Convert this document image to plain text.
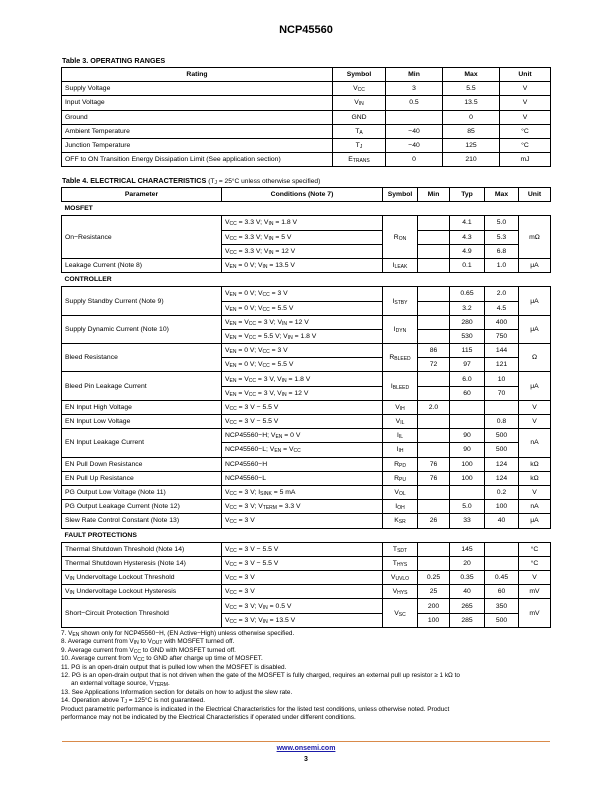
NCP45560
Table 3. OPERATING RANGES
Rating	Symbol	Min	Max	Unit
Supply Voltage	$V_{CC}$	3	5.5	V
Input Voltage	$V_{IN}$	0.5	13.5	V
Ground	GND		0	V
Ambient Temperature	$T_A$	−40	85	°C
Junction Temperature	$T_J$	−40	125	°C
OFF to ON Transition Energy Dissipation Limit (See application section)	$E_{TRANS}$	0	210	mJ
Table 4. ELECTRICAL CHARACTERISTICS ($T_J = 25^\circ C$ unless otherwise specified)
Parameter	Conditions (Note 7)	Symbol	Min	Typ	Max	Unit
MOSFET						
On−Resistance	$V_{CC} = 3.3$ V; $V_{IN} = 1.8$ V	$R_{ON}$		4.1	5.0	mΩ
	$V_{CC} = 3.3$ V; $V_{IN} = 5$ V			4.3	5.3	
	$V_{CC} = 3.3$ V; $V_{IN} = 12$ V			4.9	6.8	
Leakage Current (Note 8)	$V_{EN} = 0$ V; $V_{IN} = 13.5$ V	$I_{LEAK}$		0.1	1.0	μA
CONTROLLER						
Supply Standby Current (Note 9)	$V_{EN} = 0$ V; $V_{CC} = 3$ V	$I_{STBY}$		0.65	2.0	μA
	$V_{EN} = 0$ V; $V_{CC} = 5.5$ V			3.2	4.5	
Supply Dynamic Current (Note 10)	$V_{EN} = V_{CC} = 3$ V; $V_{IN} = 12$ V	$I_{DYN}$		280	400	μA
	$V_{EN} = V_{CC} = 5.5$ V; $V_{IN} = 1.8$ V			530	750	
Bleed Resistance	$V_{EN} = 0$ V; $V_{CC} = 3$ V	$R_{BLEED}$	86	115	144	Ω
	$V_{EN} = 0$ V; $V_{CC} = 5.5$ V		72	97	121	
Bleed Pin Leakage Current	$V_{EN} = V_{CC} = 3$ V, $V_{IN} = 1.8$ V	$I_{BLEED}$		6.0	10	μA
	$V_{EN} = V_{CC} = 3$ V, $V_{IN} = 12$ V			60	70	
EN Input High Voltage	$V_{CC} = 3$ V − 5.5 V	$V_{IH}$	2.0			V
EN Input Low Voltage	$V_{CC} = 3$ V − 5.5 V	$V_{IL}$			0.8	V
EN Input Leakage Current	NCP45560−H; $V_{EN} = 0$ V	$I_{IL}$		90	500	nA
	NCP45560−L; $V_{EN} = V_{CC}$	$I_{IH}$		90	500	
EN Pull Down Resistance	NCP45560−H	$R_{PD}$	76	100	124	kΩ
EN Pull Up Resistance	NCP45560−L	$R_{PU}$	76	100	124	kΩ
PG Output Low Voltage (Note 11)	$V_{CC} = 3$ V; $I_{SINK} = 5$ mA	$V_{OL}$			0.2	V
PG Output Leakage Current (Note 12)	$V_{CC} = 3$ V; $V_{TERM} = 3.3$ V	$I_{OH}$		5.0	100	nA
Slew Rate Control Constant (Note 13)	$V_{CC} = 3$ V	$K_{SR}$	26	33	40	μA
FAULT PROTECTIONS						
Thermal Shutdown Threshold (Note 14)	$V_{CC} = 3$ V − 5.5 V	$T_{SDT}$		145		°C
Thermal Shutdown Hysteresis (Note 14)	$V_{CC} = 3$ V − 5.5 V	$T_{HYS}$		20		°C
$V_{IN}$ Undervoltage Lockout Threshold	$V_{CC} = 3$ V	$V_{UVLO}$	0.25	0.35	0.45	V
$V_{IN}$ Undervoltage Lockout Hysteresis	$V_{CC} = 3$ V	$V_{HYS}$	25	40	60	mV
Short−Circuit Protection Threshold	$V_{CC} = 3$ V; $V_{IN} = 0.5$ V	$V_{SC}$	200	265	350	mV
	$V_{CC} = 3$ V; $V_{IN} = 13.5$ V		100	285	500	
7. $V_{EN}$ shown only for NCP45560−H, (EN Active−High) unless otherwise specified.
8. Average current from $V_{IN}$ to $V_{OUT}$ with MOSFET turned off.
9. Average current from $V_{CC}$ to GND with MOSFET turned off.
10. Average current from $V_{CC}$ to GND after charge up time of MOSFET.
11. PG is an open-drain output that is pulled low when the MOSFET is disabled.
12. PG is an open-drain output that is not driven when the gate of the MOSFET is fully charged, requires an external pull up resistor ≥ 1 kΩ to
an external voltage source, $V_{TERM}$.
13. See Applications Information section for details on how to adjust the slew rate.
14. Operation above $T_J = 125^\circ C$ is not guaranteed.
Product parametric performance is indicated in the Electrical Characteristics for the listed test conditions, unless otherwise noted. Product
performance may not be indicated by the Electrical Characteristics if operated under different conditions.
www.onsemi.com
3
